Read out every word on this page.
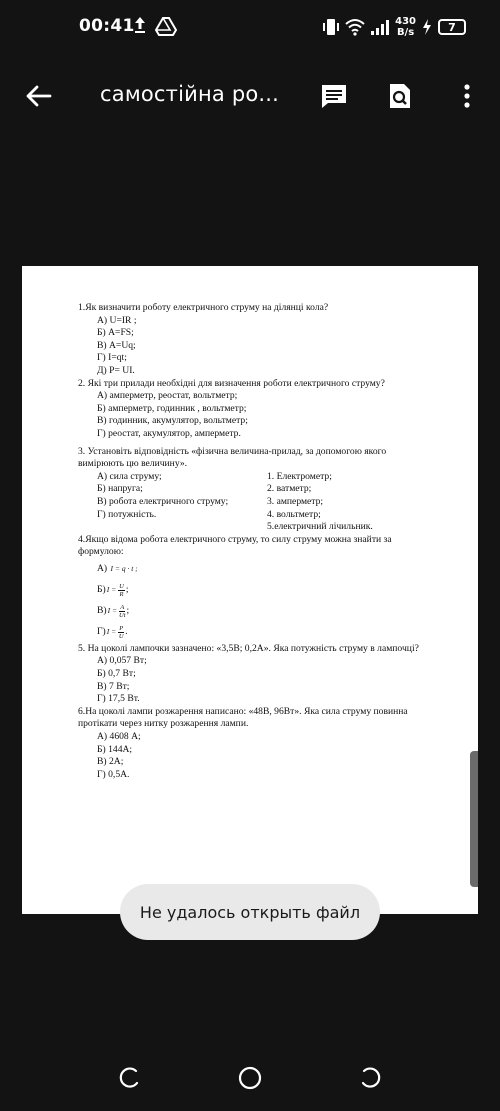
00:41	430
B/s	7
самостійна ро...

1.Як визначити роботу електричного струму на ділянці кола?

А) U=IR ;
Б) A=FS;
В) A=Uq;
Г) I=qt;
Д) P= UI.

2. Які три прилади необхідні для визначення роботи електричного струму?

А) амперметр, реостат, вольтметр;
Б) амперметр, годинник , вольтметр;
В) годинник, акумулятор, вольтметр;
Г) реостат, акумулятор, амперметр.

3. Установіть відповідність «фізична величина-прилад, за допомогою якого вимірюють цю величину».

А) сила струму;	1. Електрометр;
Б) напруга;	2. ватметр;
В) робота електричного струму;	3. амперметр;
Г) потужність.	4. вольтметр;
5.електричний лічильник.

4.Якщо відома робота електричного струму, то силу струму можна знайти за формулою:

А)
I = q · t ;
Б) $I = \frac{U}{R}$ ;
В) $I = \frac{A}{Ut}$ ;
Г) $I = \frac{P}{U}$ .

5. На цоколі лампочки зазначено: «3,5В; 0,2А». Яка потужність струму в лампочці?

А) 0,057 Вт;
Б) 0,7 Вт;
В) 7 Вт;
Г) 17,5 Вт.

6.На цоколі лампи розжарення написано: «48В, 96Вт». Яка сила струму повинна протікати через нитку розжарення лампи.

А) 4608 А;
Б) 144А;
В) 2А;
Г) 0,5А.
Не удалось открыть файл
